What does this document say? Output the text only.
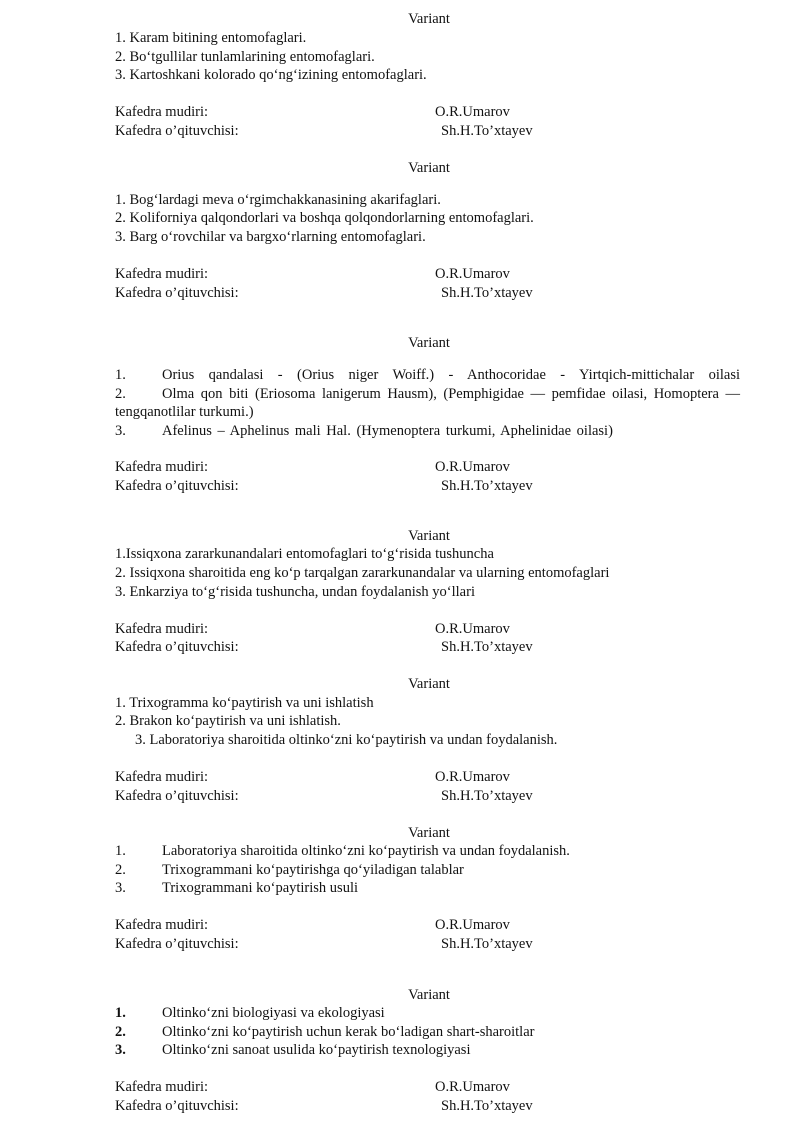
Variant
1. Karam bitining entomofaglari.
2. Bo‘tgullilar tunlamlarining entomofaglari.
3. Kartoshkani kolorado qo‘ng‘izining entomofaglari.
Kafedra mudiri:	O.R.Umarov
Kafedra o’qituvchisi:	Sh.H.To’xtayev
Variant
1. Bog‘lardagi meva o‘rgimchakkanasining akarifaglari.
2. Koliforniya qalqondorlari va boshqa qolqondorlarning entomofaglari.
3. Barg o‘rovchilar va bargxo‘rlarning entomofaglari.
Kafedra mudiri:	O.R.Umarov
Kafedra o’qituvchisi:	Sh.H.To’xtayev
Variant
1. Orius qandalasi - (Orius niger Woiff.) - Anthocoridae - Yirtqich-mittichalar oilasi
2. Olma qon biti (Eriosoma lanigerum Hausm), (Pemphigidae — pemfidae oilasi, Homoptera —
tengqanotlilar turkumi.)
3. Afelinus – Aphelinus mali Hal. (Hymenoptera turkumi, Aphelinidae oilasi)
Kafedra mudiri:	O.R.Umarov
Kafedra o’qituvchisi:	Sh.H.To’xtayev
Variant
1.Issiqxona zararkunandalari entomofaglari to‘g‘risida tushuncha
2. Issiqxona sharoitida eng ko‘p tarqalgan zararkunandalar va ularning entomofaglari
3. Enkarziya to‘g‘risida tushuncha, undan foydalanish yo‘llari
Kafedra mudiri:	O.R.Umarov
Kafedra o’qituvchisi:	Sh.H.To’xtayev
Variant
1. Trixogramma ko‘paytirish va uni ishlatish
2. Brakon ko‘paytirish va uni ishlatish.
3. Laboratoriya sharoitida oltinko‘zni ko‘paytirish va undan foydalanish.
Kafedra mudiri:	O.R.Umarov
Kafedra o’qituvchisi:	Sh.H.To’xtayev
Variant
1. Laboratoriya sharoitida oltinko‘zni ko‘paytirish va undan foydalanish.
2. Trixogrammani ko‘paytirishga qo‘yiladigan talablar
3. Trixogrammani ko‘paytirish usuli
Kafedra mudiri:	O.R.Umarov
Kafedra o’qituvchisi:	Sh.H.To’xtayev
Variant
1. Oltinko‘zni biologiyasi va ekologiyasi
2. Oltinko‘zni ko‘paytirish uchun kerak bo‘ladigan shart-sharoitlar
3. Oltinko‘zni sanoat usulida ko‘paytirish texnologiyasi
Kafedra mudiri:	O.R.Umarov
Kafedra o’qituvchisi:	Sh.H.To’xtayev
